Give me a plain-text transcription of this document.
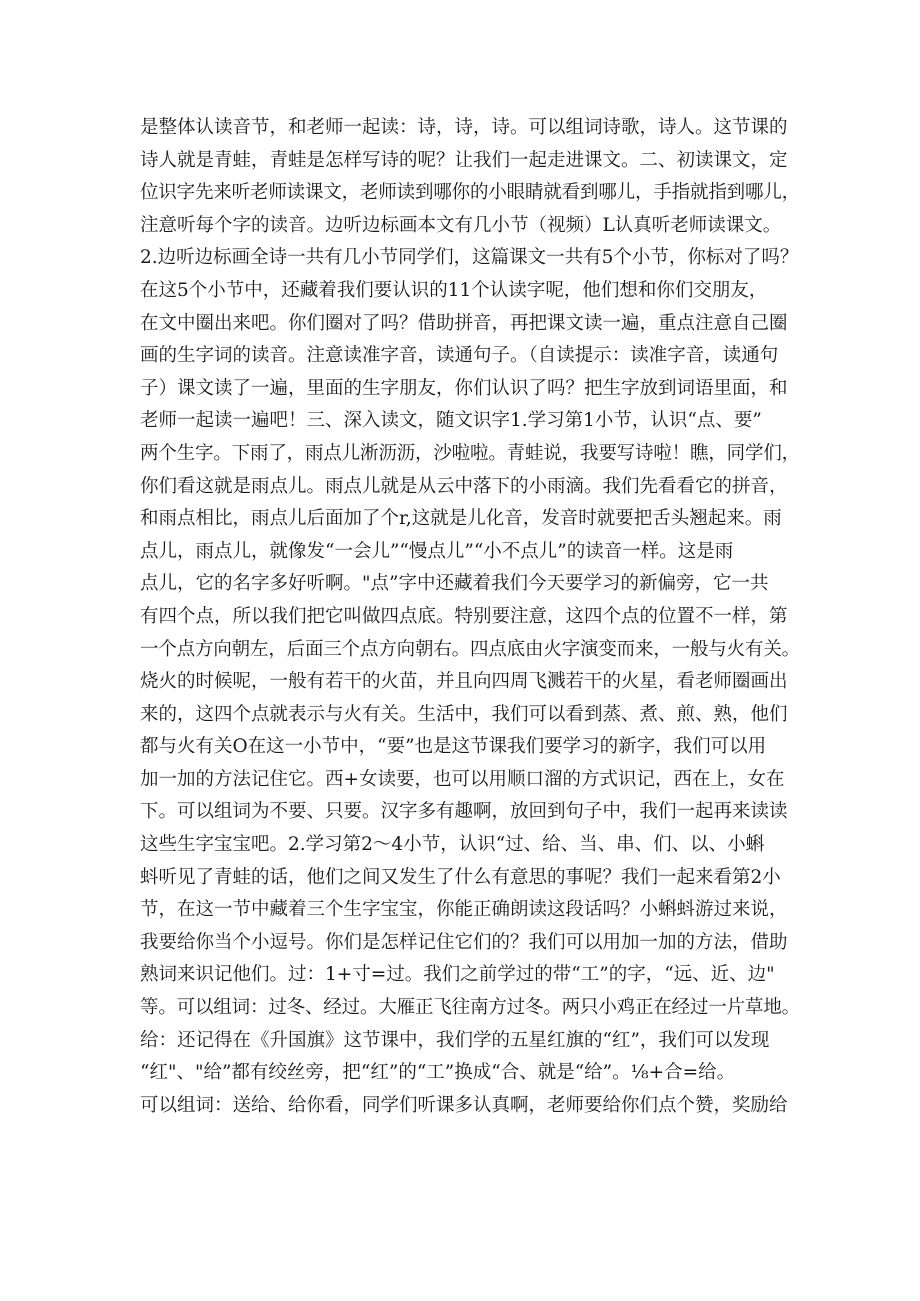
是整体认读音节，和老师一起读：诗，诗，诗。可以组词诗歌，诗人。这节课的
诗人就是青蛙，青蛙是怎样写诗的呢？让我们一起走进课文。二、初读课文，定
位识字先来听老师读课文，老师读到哪你的小眼睛就看到哪儿，手指就指到哪儿，
注意听每个字的读音。边听边标画本文有几小节（视频）L认真听老师读课文。
2.边听边标画全诗一共有几小节同学们，这篇课文一共有5个小节，你标对了吗？
在这5个小节中，还藏着我们要认识的11个认读字呢，他们想和你们交朋友，
在文中圈出来吧。你们圈对了吗？借助拼音，再把课文读一遍，重点注意自己圈
画的生字词的读音。注意读准字音，读通句子。（自读提示：读准字音，读通句
子）课文读了一遍，里面的生字朋友，你们认识了吗？把生字放到词语里面，和
老师一起读一遍吧！三、深入读文，随文识字1.学习第1小节，认识“点、要”
两个生字。下雨了，雨点儿淅沥沥，沙啦啦。青蛙说，我要写诗啦！瞧，同学们，
你们看这就是雨点儿。雨点儿就是从云中落下的小雨滴。我们先看看它的拼音，
和雨点相比，雨点儿后面加了个r,这就是儿化音，发音时就要把舌头翘起来。雨
点儿，雨点儿，就像发“一会儿”“慢点儿”“小不点儿”的读音一样。这是雨
点儿，它的名字多好听啊。"点”字中还藏着我们今天要学习的新偏旁，它一共
有四个点，所以我们把它叫做四点底。特别要注意，这四个点的位置不一样，第
一个点方向朝左，后面三个点方向朝右。四点底由火字演变而来，一般与火有关。
烧火的时候呢，一般有若干的火苗，并且向四周飞溅若干的火星，看老师圈画出
来的，这四个点就表示与火有关。生活中，我们可以看到蒸、煮、煎、熟，他们
都与火有关O在这一小节中，“要”也是这节课我们要学习的新字，我们可以用
加一加的方法记住它。西+女读要，也可以用顺口溜的方式识记，西在上，女在
下。可以组词为不要、只要。汉字多有趣啊，放回到句子中，我们一起再来读读
这些生字宝宝吧。2.学习第2～4小节，认识“过、给、当、串、们、以、小蝌
蚪听见了青蛙的话，他们之间又发生了什么有意思的事呢？我们一起来看第2小
节，在这一节中藏着三个生字宝宝，你能正确朗读这段话吗？小蝌蚪游过来说，
我要给你当个小逗号。你们是怎样记住它们的？我们可以用加一加的方法，借助
熟词来识记他们。过：1+寸=过。我们之前学过的带“工”的字，“远、近、边"
等。可以组词：过冬、经过。大雁正飞往南方过冬。两只小鸡正在经过一片草地。
给：还记得在《升国旗》这节课中，我们学的五星红旗的“红”，我们可以发现
“红"、"给”都有绞丝旁，把“红”的“工”换成“合、就是“给”。⅛+合=给。
可以组词：送给、给你看，同学们听课多认真啊，老师要给你们点个赞，奖励给
